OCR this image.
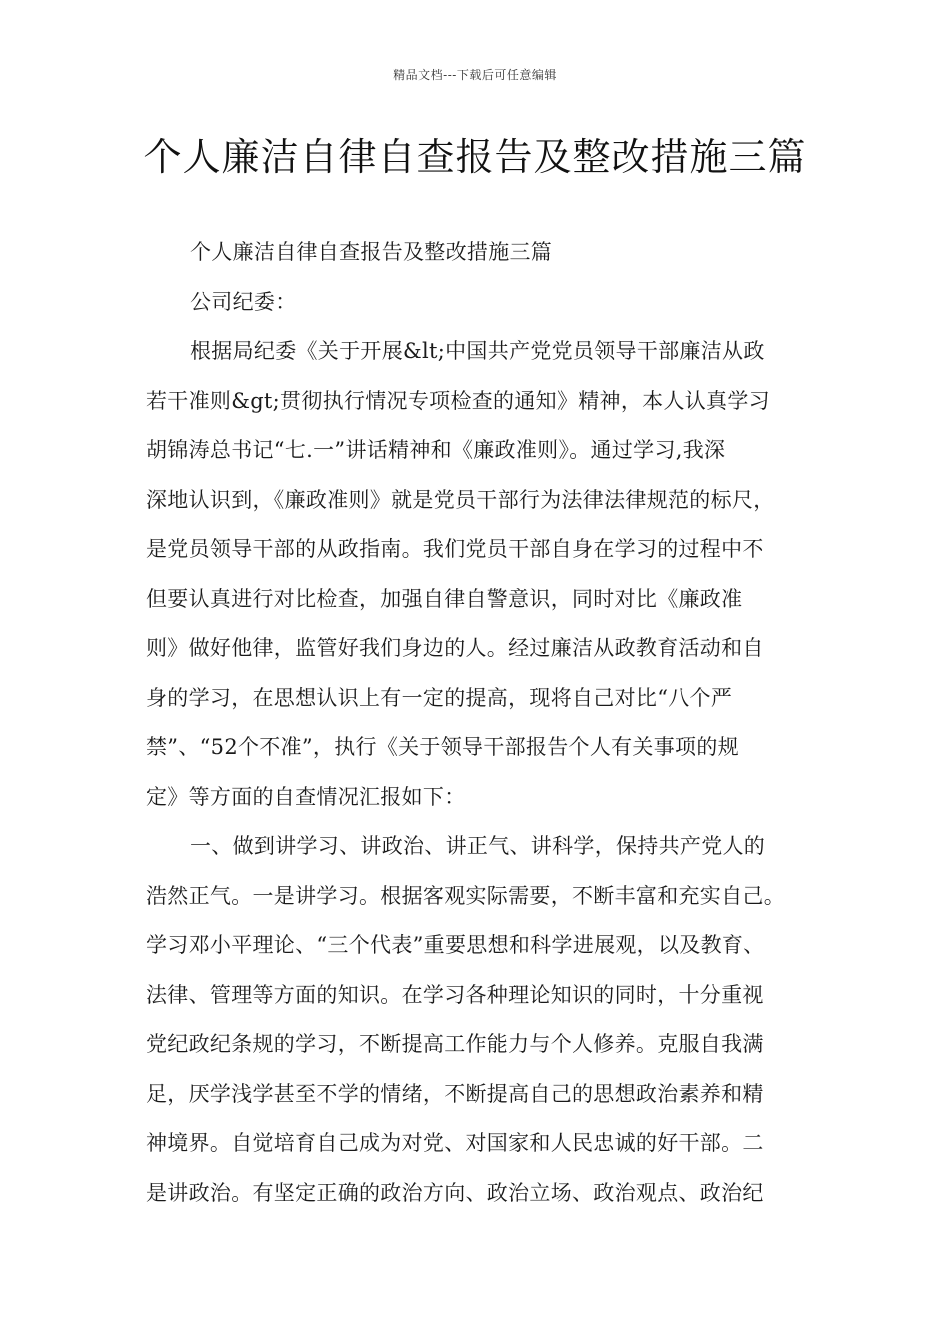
精品文档---下载后可任意编辑
个人廉洁自律自查报告及整改措施三篇
个人廉洁自律自查报告及整改措施三篇
公司纪委：
根据局纪委《关于开展&lt;中国共产党党员领导干部廉洁从政
若干准则&gt;贯彻执行情况专项检查的通知》精神，本人认真学习
胡锦涛总书记“七.一”讲话精神和《廉政准则》。通过学习,我深
深地认识到，《廉政准则》就是党员干部行为法律法律规范的标尺，
是党员领导干部的从政指南。我们党员干部自身在学习的过程中不
但要认真进行对比检查，加强自律自警意识，同时对比《廉政准
则》做好他律，监管好我们身边的人。经过廉洁从政教育活动和自
身的学习，在思想认识上有一定的提高，现将自己对比“八个严
禁”、“52个不准”，执行《关于领导干部报告个人有关事项的规
定》等方面的自查情况汇报如下：
一、做到讲学习、讲政治、讲正气、讲科学，保持共产党人的
浩然正气。一是讲学习。根据客观实际需要，不断丰富和充实自己。
学习邓小平理论、“三个代表”重要思想和科学进展观，以及教育、
法律、管理等方面的知识。在学习各种理论知识的同时，十分重视
党纪政纪条规的学习，不断提高工作能力与个人修养。克服自我满
足，厌学浅学甚至不学的情绪，不断提高自己的思想政治素养和精
神境界。自觉培育自己成为对党、对国家和人民忠诚的好干部。二
是讲政治。有坚定正确的政治方向、政治立场、政治观点、政治纪
